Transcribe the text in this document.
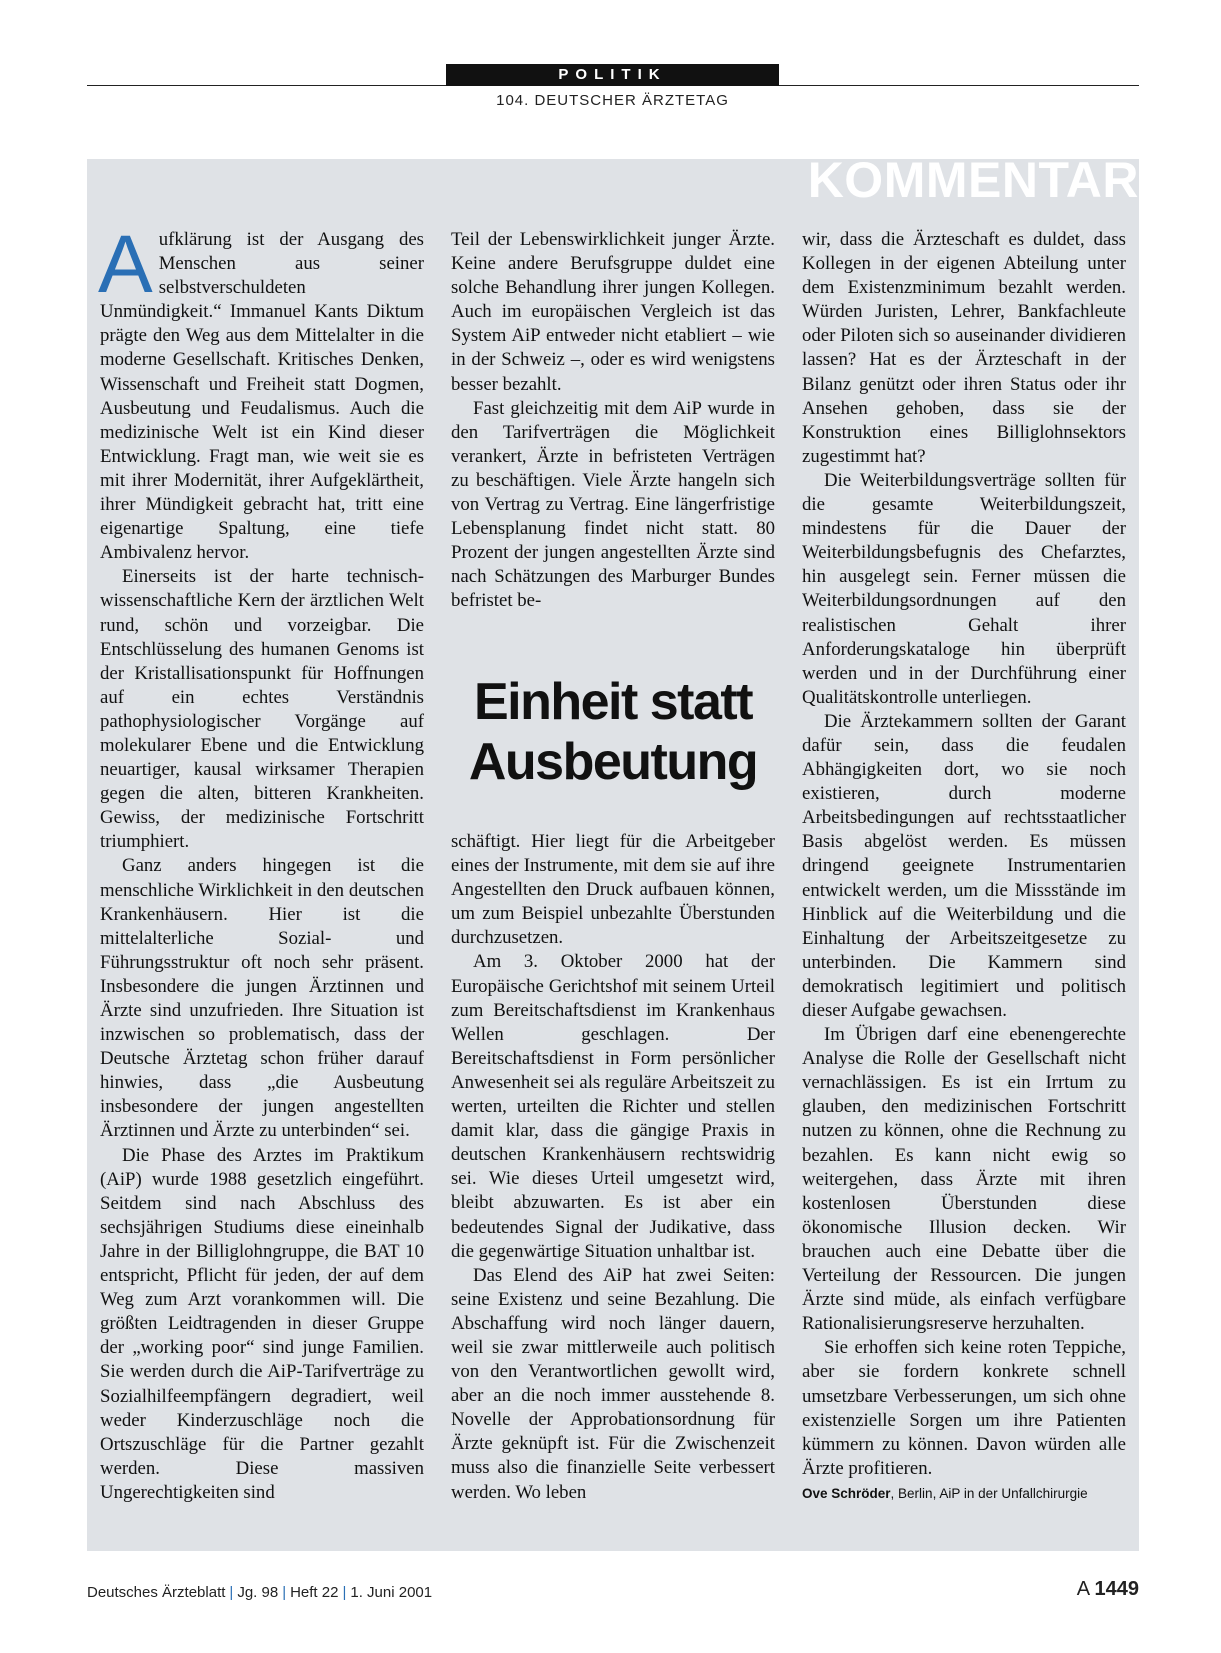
POLITIK
104. DEUTSCHER ÄRZTETAG
KOMMENTAR

Aufklärung ist der Ausgang des Menschen aus seiner selbstverschuldeten Unmündigkeit.“ Immanuel Kants Diktum prägte den Weg aus dem Mittelalter in die moderne Gesellschaft. Kritisches Denken, Wissenschaft und Freiheit statt Dogmen, Ausbeutung und Feudalismus. Auch die medizinische Welt ist ein Kind dieser Entwicklung. Fragt man, wie weit sie es mit ihrer Modernität, ihrer Aufgeklärtheit, ihrer Mündigkeit gebracht hat, tritt eine eigenartige Spaltung, eine tiefe Ambivalenz hervor.

Einerseits ist der harte technisch-wissenschaftliche Kern der ärztlichen Welt rund, schön und vorzeigbar. Die Entschlüsselung des humanen Genoms ist der Kristallisationspunkt für Hoffnungen auf ein echtes Verständnis pathophysiologischer Vorgänge auf molekularer Ebene und die Entwicklung neuartiger, kausal wirksamer Therapien gegen die alten, bitteren Krankheiten. Gewiss, der medizinische Fortschritt triumphiert.

Ganz anders hingegen ist die menschliche Wirklichkeit in den deutschen Krankenhäusern. Hier ist die mittelalterliche Sozial- und Führungsstruktur oft noch sehr präsent. Insbesondere die jungen Ärztinnen und Ärzte sind unzufrieden. Ihre Situation ist inzwischen so problematisch, dass der Deutsche Ärztetag schon früher darauf hinwies, dass „die Ausbeutung insbesondere der jungen angestellten Ärztinnen und Ärzte zu unterbinden“ sei.

Die Phase des Arztes im Praktikum (AiP) wurde 1988 gesetzlich eingeführt. Seitdem sind nach Abschluss des sechsjährigen Studiums diese eineinhalb Jahre in der Billiglohngruppe, die BAT 10 entspricht, Pflicht für jeden, der auf dem Weg zum Arzt vorankommen will. Die größten Leidtragenden in dieser Gruppe der „working poor“ sind junge Familien. Sie werden durch die AiP-Tarifverträge zu Sozialhilfeempfängern degradiert, weil weder Kinderzuschläge noch die Ortszuschläge für die Partner gezahlt werden. Diese massiven Ungerechtigkeiten sind

Teil der Lebenswirklichkeit junger Ärzte. Keine andere Berufsgruppe duldet eine solche Behandlung ihrer jungen Kollegen. Auch im europäischen Vergleich ist das System AiP entweder nicht etabliert – wie in der Schweiz –, oder es wird wenigstens besser bezahlt.

Fast gleichzeitig mit dem AiP wurde in den Tarifverträgen die Möglichkeit verankert, Ärzte in befristeten Verträgen zu beschäftigen. Viele Ärzte hangeln sich von Vertrag zu Vertrag. Eine längerfristige Lebensplanung findet nicht statt. 80 Prozent der jungen angestellten Ärzte sind nach Schätzungen des Marburger Bundes befristet be-

Einheit statt
Ausbeutung

schäftigt. Hier liegt für die Arbeitgeber eines der Instrumente, mit dem sie auf ihre Angestellten den Druck aufbauen können, um zum Beispiel unbezahlte Überstunden durchzusetzen.

Am 3. Oktober 2000 hat der Europäische Gerichtshof mit seinem Urteil zum Bereitschaftsdienst im Krankenhaus Wellen geschlagen. Der Bereitschaftsdienst in Form persönlicher Anwesenheit sei als reguläre Arbeitszeit zu werten, urteilten die Richter und stellen damit klar, dass die gängige Praxis in deutschen Krankenhäusern rechtswidrig sei. Wie dieses Urteil umgesetzt wird, bleibt abzuwarten. Es ist aber ein bedeutendes Signal der Judikative, dass die gegenwärtige Situation unhaltbar ist.

Das Elend des AiP hat zwei Seiten: seine Existenz und seine Bezahlung. Die Abschaffung wird noch länger dauern, weil sie zwar mittlerweile auch politisch von den Verantwortlichen gewollt wird, aber an die noch immer ausstehende 8. Novelle der Approbationsordnung für Ärzte geknüpft ist. Für die Zwischenzeit muss also die finanzielle Seite verbessert werden. Wo leben

wir, dass die Ärzteschaft es duldet, dass Kollegen in der eigenen Abteilung unter dem Existenzminimum bezahlt werden. Würden Juristen, Lehrer, Bankfachleute oder Piloten sich so auseinander dividieren lassen? Hat es der Ärzteschaft in der Bilanz genützt oder ihren Status oder ihr Ansehen gehoben, dass sie der Konstruktion eines Billiglohnsektors zugestimmt hat?

Die Weiterbildungsverträge sollten für die gesamte Weiterbildungszeit, mindestens für die Dauer der Weiterbildungsbefugnis des Chefarztes, hin ausgelegt sein. Ferner müssen die Weiterbildungsordnungen auf den realistischen Gehalt ihrer Anforderungskataloge hin überprüft werden und in der Durchführung einer Qualitätskontrolle unterliegen.

Die Ärztekammern sollten der Garant dafür sein, dass die feudalen Abhängigkeiten dort, wo sie noch existieren, durch moderne Arbeitsbedingungen auf rechtsstaatlicher Basis abgelöst werden. Es müssen dringend geeignete Instrumentarien entwickelt werden, um die Missstände im Hinblick auf die Weiterbildung und die Einhaltung der Arbeitszeitgesetze zu unterbinden. Die Kammern sind demokratisch legitimiert und politisch dieser Aufgabe gewachsen.

Im Übrigen darf eine ebenengerechte Analyse die Rolle der Gesellschaft nicht vernachlässigen. Es ist ein Irrtum zu glauben, den medizinischen Fortschritt nutzen zu können, ohne die Rechnung zu bezahlen. Es kann nicht ewig so weitergehen, dass Ärzte mit ihren kostenlosen Überstunden diese ökonomische Illusion decken. Wir brauchen auch eine Debatte über die Verteilung der Ressourcen. Die jungen Ärzte sind müde, als einfach verfügbare Rationalisierungsreserve herzuhalten.

Sie erhoffen sich keine roten Teppiche, aber sie fordern konkrete schnell umsetzbare Verbesserungen, um sich ohne existenzielle Sorgen um ihre Patienten kümmern zu können. Davon würden alle Ärzte profitieren.

Ove Schröder, Berlin, AiP in der Unfallchirurgie
Deutsches Ärzteblatt | Jg. 98 | Heft 22 | 1. Juni 2001	A 1449
